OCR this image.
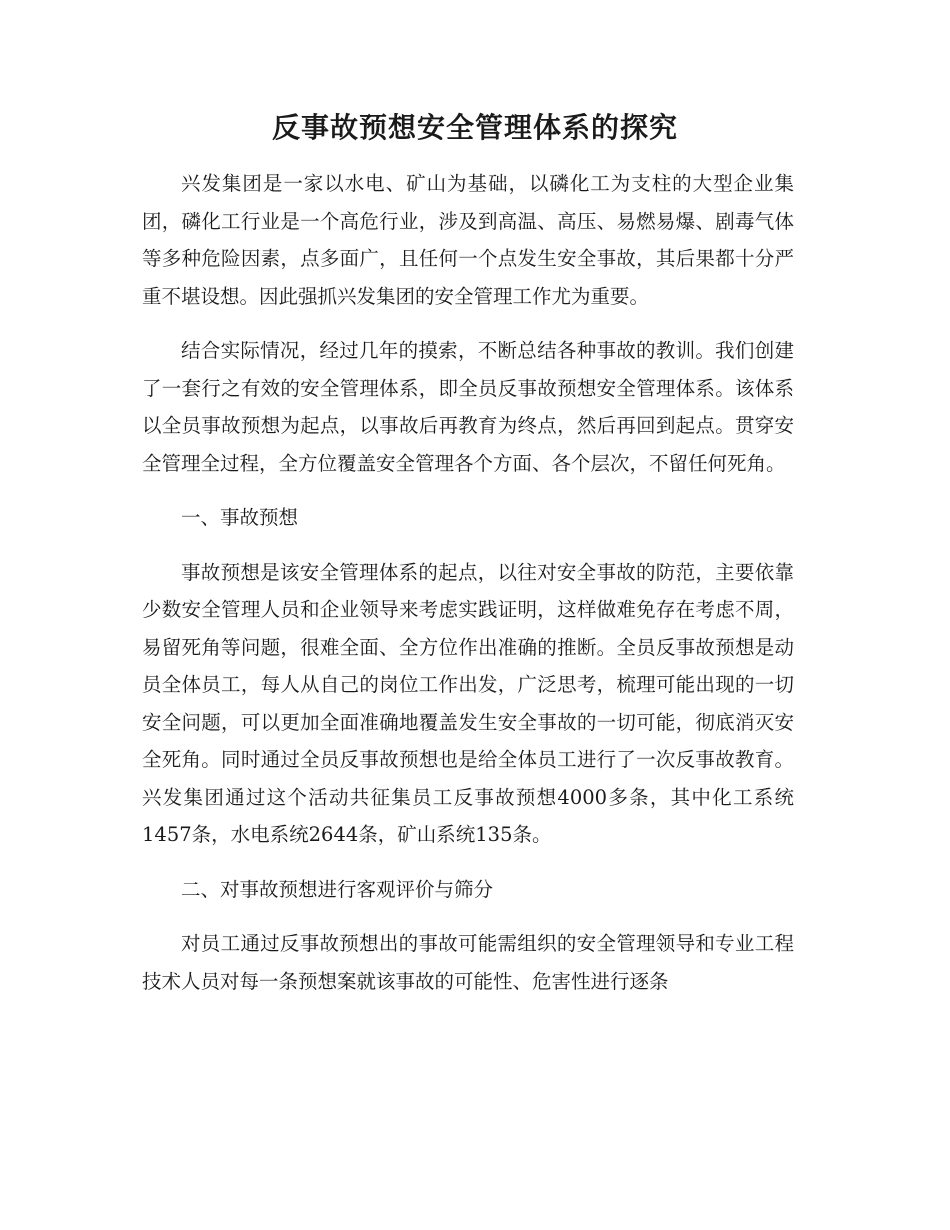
反事故预想安全管理体系的探究

兴发集团是一家以水电、矿山为基础，以磷化工为支柱的大型企业集团，磷化工行业是一个高危行业，涉及到高温、高压、易燃易爆、剧毒气体等多种危险因素，点多面广，且任何一个点发生安全事故，其后果都十分严重不堪设想。因此强抓兴发集团的安全管理工作尤为重要。

结合实际情况，经过几年的摸索，不断总结各种事故的教训。我们创建了一套行之有效的安全管理体系，即全员反事故预想安全管理体系。该体系以全员事故预想为起点，以事故后再教育为终点，然后再回到起点。贯穿安全管理全过程，全方位覆盖安全管理各个方面、各个层次，不留任何死角。

一、事故预想

事故预想是该安全管理体系的起点，以往对安全事故的防范，主要依靠少数安全管理人员和企业领导来考虑实践证明，这样做难免存在考虑不周，易留死角等问题，很难全面、全方位作出准确的推断。全员反事故预想是动员全体员工，每人从自己的岗位工作出发，广泛思考，梳理可能出现的一切安全问题，可以更加全面准确地覆盖发生安全事故的一切可能，彻底消灭安全死角。同时通过全员反事故预想也是给全体员工进行了一次反事故教育。兴发集团通过这个活动共征集员工反事故预想4000多条，其中化工系统1457条，水电系统2644条，矿山系统135条。

二、对事故预想进行客观评价与筛分

对员工通过反事故预想出的事故可能需组织的安全管理领导和专业工程技术人员对每一条预想案就该事故的可能性、危害性进行逐条
